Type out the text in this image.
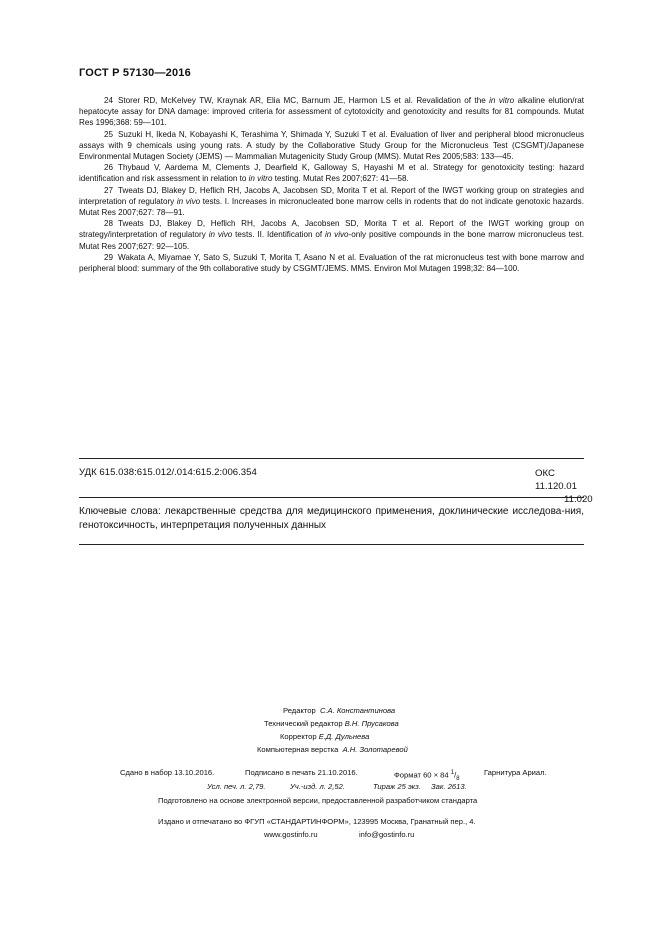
ГОСТ Р 57130—2016
24 Storer RD, McKelvey TW, Kraynak AR, Elia MC, Barnum JE, Harmon LS et al. Revalidation of the in vitro alkaline elution/rat hepatocyte assay for DNA damage: improved criteria for assessment of cytotoxicity and genotoxicity and results for 81 compounds. Mutat Res 1996;368: 59—101.
25 Suzuki H, Ikeda N, Kobayashi K, Terashima Y, Shimada Y, Suzuki T et al. Evaluation of liver and peripheral blood micronucleus assays with 9 chemicals using young rats. A study by the Collaborative Study Group for the Micronucleus Test (CSGMT)/Japanese Environmental Mutagen Society (JEMS) — Mammalian Mutagenicity Study Group (MMS). Mutat Res 2005;583: 133—45.
26 Thybaud V, Aardema M, Clements J, Dearfield K, Galloway S, Hayashi M et al. Strategy for genotoxicity testing: hazard identification and risk assessment in relation to in vitro testing. Mutat Res 2007;627: 41—58.
27 Tweats DJ, Blakey D, Heflich RH, Jacobs A, Jacobsen SD, Morita T et al. Report of the IWGT working group on strategies and interpretation of regulatory in vivo tests. I. Increases in micronucleated bone marrow cells in rodents that do not indicate genotoxic hazards. Mutat Res 2007;627: 78—91.
28 Tweats DJ, Blakey D, Heflich RH, Jacobs A, Jacobsen SD, Morita T et al. Report of the IWGT working group on strategy/interpretation of regulatory in vivo tests. II. Identification of in vivo-only positive compounds in the bone marrow micronucleus test. Mutat Res 2007;627: 92—105.
29 Wakata A, Miyamae Y, Sato S, Suzuki T, Morita T, Asano N et al. Evaluation of the rat micronucleus test with bone marrow and peripheral blood: summary of the 9th collaborative study by CSGMT/JEMS. MMS. Environ Mol Mutagen 1998;32: 84—100.
УДК 615.038:615.012/.014:615.2:006.354	ОКС 11.120.01
11.020
Ключевые слова: лекарственные средства для медицинского применения, доклинические исследова-ния, генотоксичность, интерпретация полученных данных
Редактор С.А. Константинова
Технический редактор В.Н. Прусакова
Корректор Е.Д. Дульнева
Компьютерная верстка А.Н. Золотаревой
Сдано в набор 13.10.2016.	Подписано в печать 21.10.2016.	Формат 60 × 84 $^1/_8$
Гарнитура Ариал.
Усл. печ. л. 2,79.	Уч.-изд. л. 2,52.	Тираж 25 экз. Зак. 2613.
Подготовлено на основе электронной версии, предоставленной разработчиком стандарта
Издано и отпечатано во ФГУП «СТАНДАРТИНФОРМ», 123995 Москва, Гранатный пер., 4.
www.gostinfo.ru	info@gostinfo.ru
